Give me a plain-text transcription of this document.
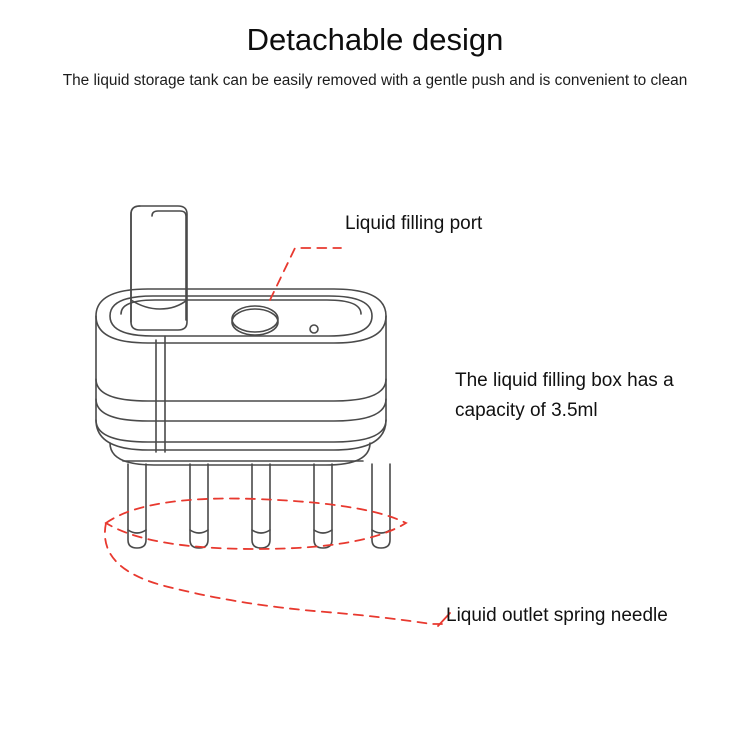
Detachable design
The liquid storage tank can be easily removed with a gentle push and is convenient to clean
Liquid filling port
The liquid filling box has a capacity of 3.5ml
Liquid outlet spring needle
